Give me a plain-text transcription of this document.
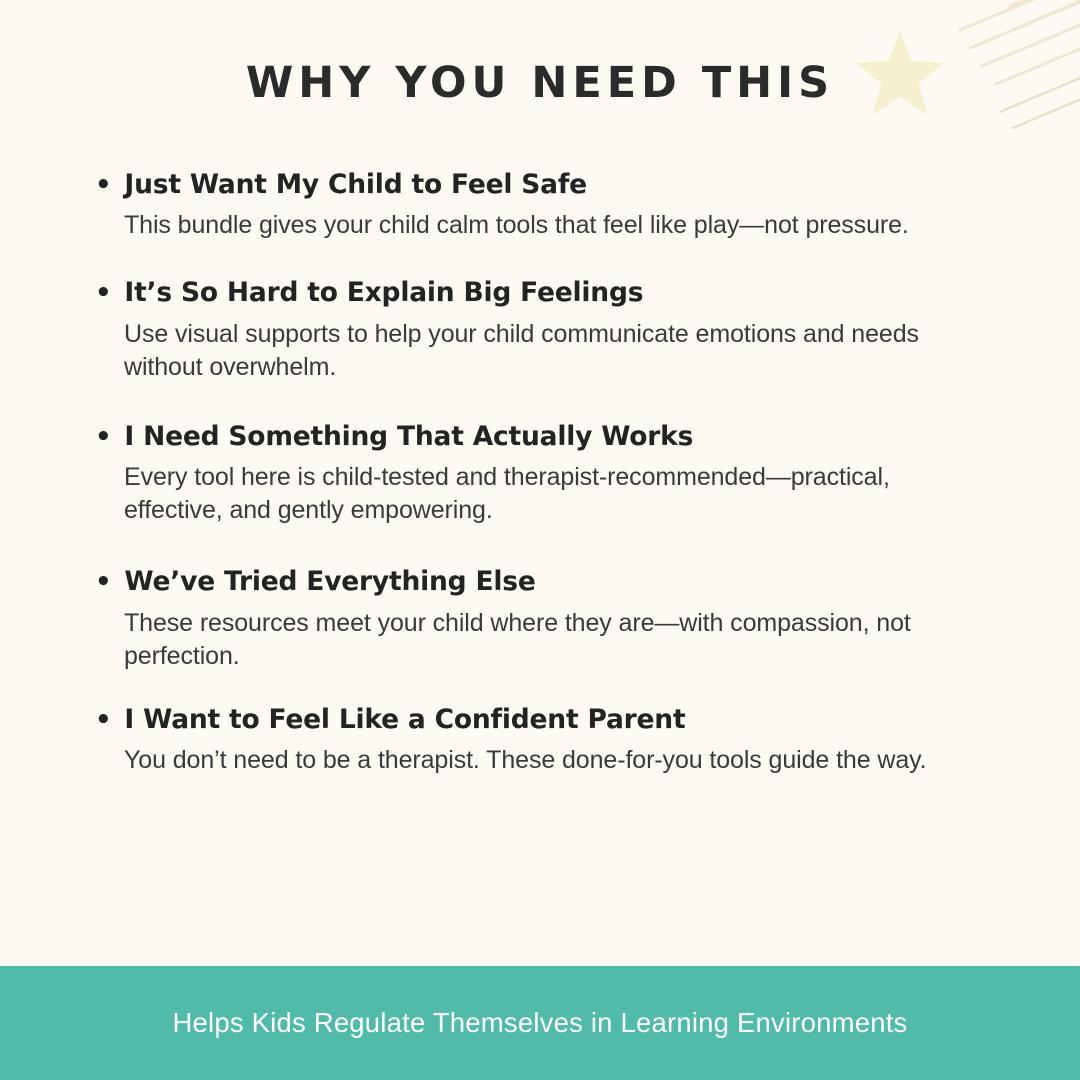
WHY YOU NEED THIS
• Just Want My Child to Feel Safe
This bundle gives your child calm tools that feel like play—not pressure.
• It’s So Hard to Explain Big Feelings
Use visual supports to help your child communicate emotions and needs without overwhelm.
• I Need Something That Actually Works
Every tool here is child-tested and therapist-recommended—practical, effective, and gently empowering.
• We’ve Tried Everything Else
These resources meet your child where they are—with compassion, not perfection.
• I Want to Feel Like a Confident Parent
You don’t need to be a therapist. These done-for-you tools guide the way.
Helps Kids Regulate Themselves in Learning Environments
